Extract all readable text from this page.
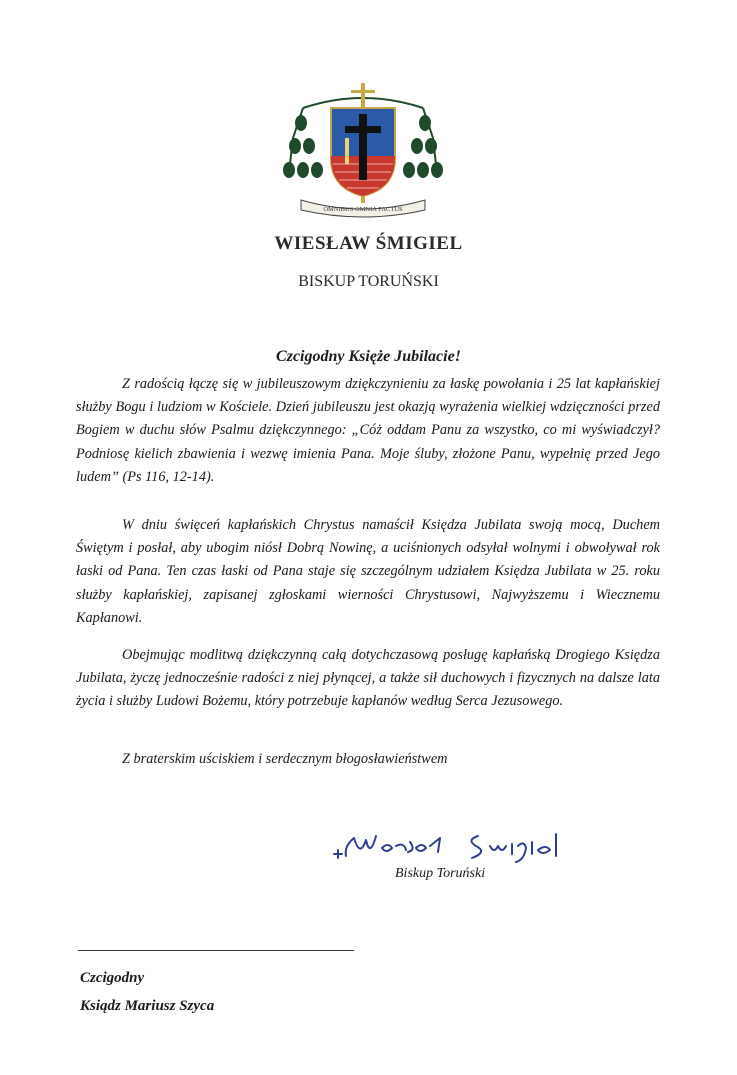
OMNIBUS OMNIA FACTUS
WIESŁAW ŚMIGIEL
BISKUP TORUŃSKI
Czcigodny Księże Jubilacie!

Z radością łączę się w jubileuszowym dziękczynieniu za łaskę powołania i 25 lat kapłańskiej służby Bogu i ludziom w Kościele. Dzień jubileuszu jest okazją wyrażenia wielkiej wdzięczności przed Bogiem w duchu słów Psalmu dziękczynnego: „Cóż oddam Panu za wszystko, co mi wyświadczył? Podniosę kielich zbawienia i wezwę imienia Pana. Moje śluby, złożone Panu, wypełnię przed Jego ludem” (Ps 116, 12-14).

W dniu święceń kapłańskich Chrystus namaścił Księdza Jubilata swoją mocą, Duchem Świętym i posłał, aby ubogim niósł Dobrą Nowinę, a uciśnionych odsyłał wolnymi i obwoływał rok łaski od Pana. Ten czas łaski od Pana staje się szczególnym udziałem Księdza Jubilata w 25. roku służby kapłańskiej, zapisanej zgłoskami wierności Chrystusowi, Najwyższemu i Wiecznemu Kapłanowi.

Obejmując modlitwą dziękczynną całą dotychczasową posługę kapłańską Drogiego Księdza Jubilata, życzę jednocześnie radości z niej płynącej, a także sił duchowych i fizycznych na dalsze lata życia i służby Ludowi Bożemu, który potrzebuje kapłanów według Serca Jezusowego.

Z braterskim uściskiem i serdecznym błogosławieństwem

Biskup Toruński
Czcigodny
Ksiądz Mariusz Szyca
